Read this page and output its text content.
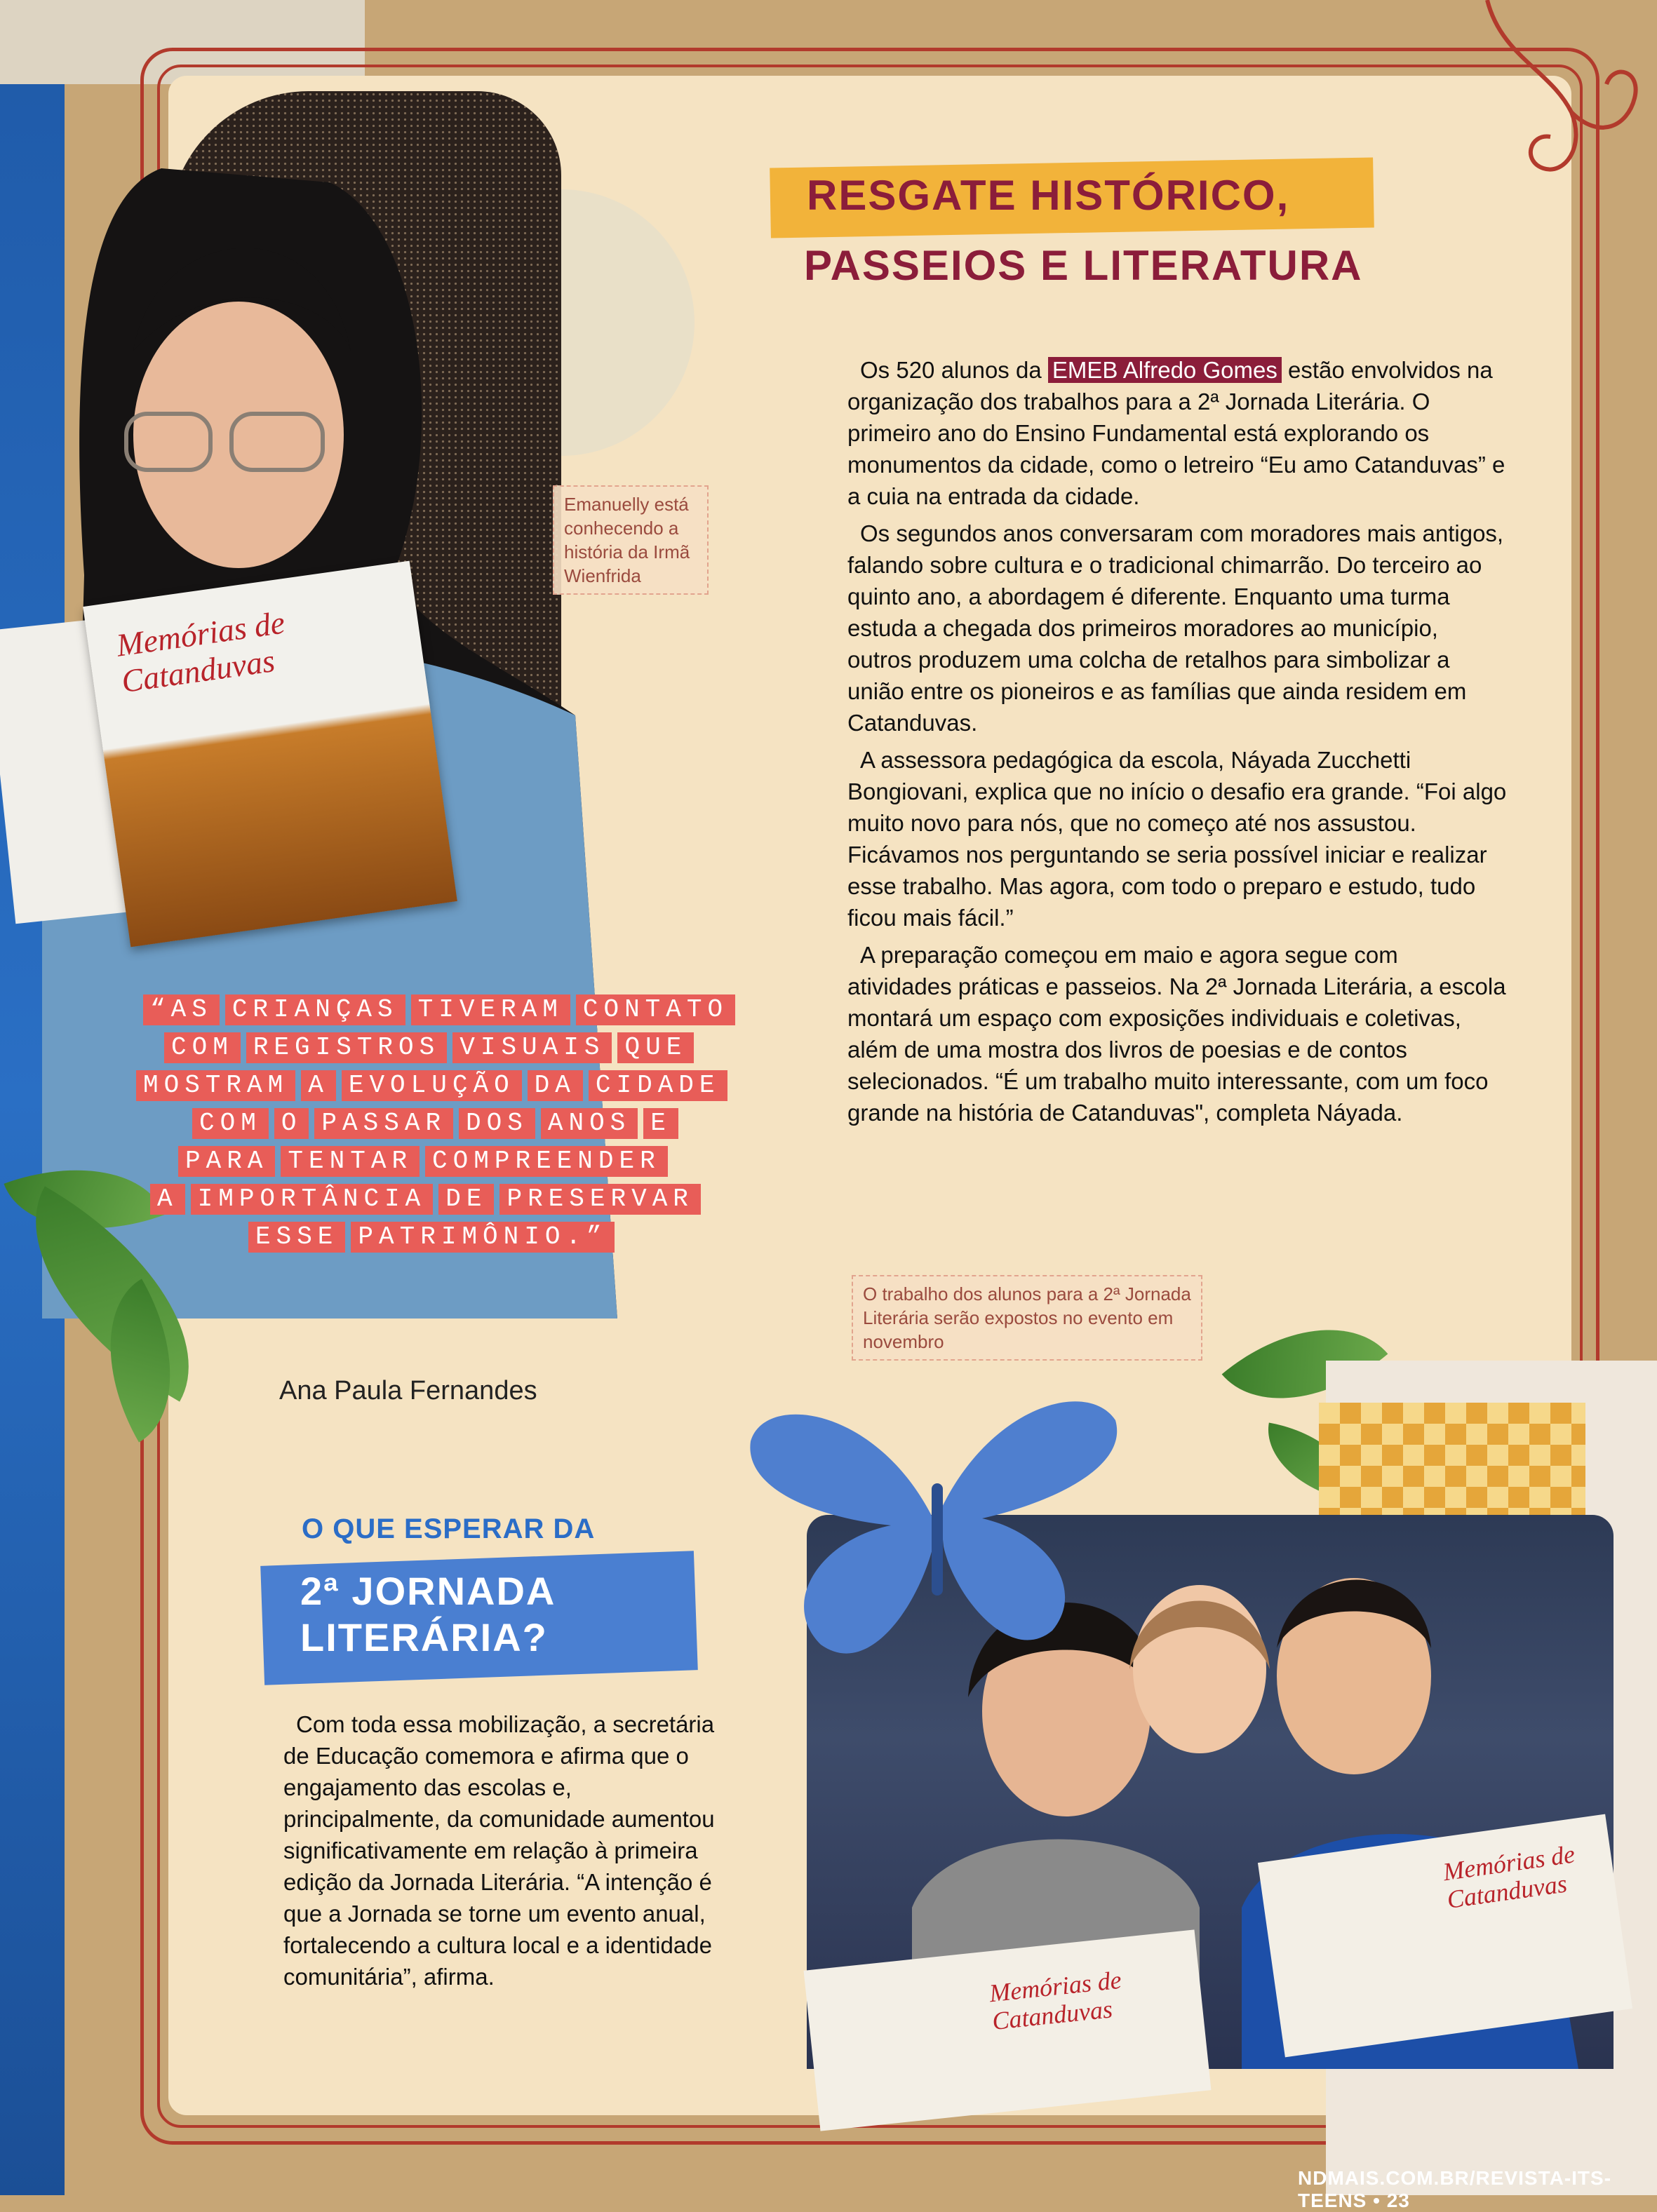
Memórias de Catanduvas
Emanuelly está conhecendo a história da Irmã Wienfrida
RESGATE HISTÓRICO,
PASSEIOS E LITERATURA

Os 520 alunos da EMEB Alfredo Gomes estão envolvidos na organização dos trabalhos para a 2ª Jornada Literária. O primeiro ano do Ensino Fundamental está explorando os monumentos da cidade, como o letreiro “Eu amo Catanduvas” e a cuia na entrada da cidade.

Os segundos anos conversaram com moradores mais antigos, falando sobre cultura e o tradicional chimarrão. Do terceiro ao quinto ano, a abordagem é diferente. Enquanto uma turma estuda a chegada dos primeiros moradores ao município, outros produzem uma colcha de retalhos para simbolizar a união entre os pioneiros e as famílias que ainda residem em Catanduvas.

A assessora pedagógica da escola, Náyada Zucchetti Bongiovani, explica que no início o desafio era grande. “Foi algo muito novo para nós, que no começo até nos assustou. Ficávamos nos perguntando se seria possível iniciar e realizar esse trabalho. Mas agora, com todo o preparo e estudo, tudo ficou mais fácil.”

A preparação começou em maio e agora segue com atividades práticas e passeios. Na 2ª Jornada Literária, a escola montará um espaço com exposições individuais e coletivas, além de uma mostra dos livros de poesias e de contos selecionados. “É um trabalho muito interessante, com um foco grande na história de Catanduvas", completa Náyada.

“AS CRIANÇAS TIVERAM CONTATO
COM REGISTROS VISUAIS QUE
MOSTRAM A EVOLUÇÃO DA CIDADE
COM O PASSAR DOS ANOS E
PARA TENTAR COMPREENDER
A IMPORTÂNCIA DE PRESERVAR
ESSE PATRIMÔNIO.”
Ana Paula Fernandes
O trabalho dos alunos para a 2ª Jornada Literária serão expostos no evento em novembro
O QUE ESPERAR DA
2ª JORNADA
LITERÁRIA?

Com toda essa mobilização, a secretária de Educação comemora e afirma que o engajamento das escolas e, principalmente, da comunidade aumentou significativamente em relação à primeira edição da Jornada Literária. “A intenção é que a Jornada se torne um evento anual, fortalecendo a cultura local e a identidade comunitária”, afirma.	Memórias de Catanduvas
Memórias de Catanduvas
NDMAIS.COM.BR/REVISTA-ITS-TEENS • 23
